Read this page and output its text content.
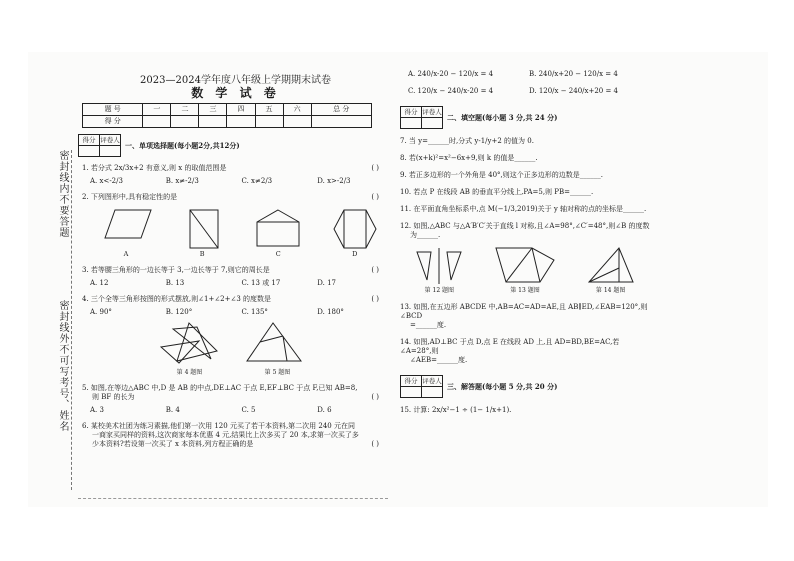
密封线内不要答题
密封线外不可写考号、姓名
2023—2024学年度八年级上学期期末试卷
数 学 试 卷
题 号	一	二	三	四	五	六	总 分
得 分							
得分	评卷人

一、单项选择题(每小题2分,共12分)
1. 若分式 2x/3x+2 有意义,则 x 的取值范围是	( )
A. x<-2/3	B. x≠-2/3	C. x≠2/3	D. x>-2/3
2. 下列图形中,具有稳定性的是	( )
A	B	C	D
3. 若等腰三角形的一边长等于 3,一边长等于 7,则它的周长是	( )
A. 12	B. 13	C. 13 或 17	D. 17
4. 三个全等三角形按图的形式摆放,则∠1+∠2+∠3 的度数是	( )
A. 90°	B. 120°	C. 135°	D. 180°
第 4 题图	第 5 题图
5. 如图,在等边△ABC 中,D 是 AB 的中点,DE⊥AC 于点 E,EF⊥BC 于点 F,已知 AB=8,
则 BF 的长为	( )
A. 3	B. 4	C. 5	D. 6
6. 某校美术社团为练习素描,他们第一次用 120 元买了若干本资料,第二次用 240 元在同
一商家买同样的资料,这次商家每本优惠 4 元,结果比上次多买了 20 本,求第一次买了多
少本资料?若设第一次买了 x 本资料,列方程正确的是	( )
A. 240/x-20 − 120/x = 4	B. 240/x+20 − 120/x = 4
C. 120/x − 240/x-20 = 4	D. 120/x − 240/x+20 = 4
得分	评卷人

二、填空题(每小题 3 分,共 24 分)
7. 当 y=______时,分式 y-1/y+2 的值为 0.
8. 若(x+k)²=x²−6x+9,则 k 的值是______.
9. 若正多边形的一个外角是 40°,则这个正多边形的边数是______.
10. 若点 P 在线段 AB 的垂直平分线上,PA=5,则 PB=______.
11. 在平面直角坐标系中,点 M(−1/3,2019)关于 y 轴对称的点的坐标是______.
12. 如图,△ABC 与△A′B′C′关于直线 l 对称,且∠A=98°,∠C′=48°,则∠B 的度数
为______.
第 12 题图	第 13 题图	第 14 题图
13. 如图,在五边形 ABCDE 中,AB=AC=AD=AE,且 AB∥ED,∠EAB=120°,则∠BCD
=______度.
14. 如图,AD⊥BC 于点 D,点 E 在线段 AD 上,且 AD=BD,BE=AC,若∠A=28°,则
∠AEB=______度.
得分	评卷人

三、解答题(每小题 5 分,共 20 分)
15. 计算: 2x/x²−1 ÷ (1− 1/x+1).
